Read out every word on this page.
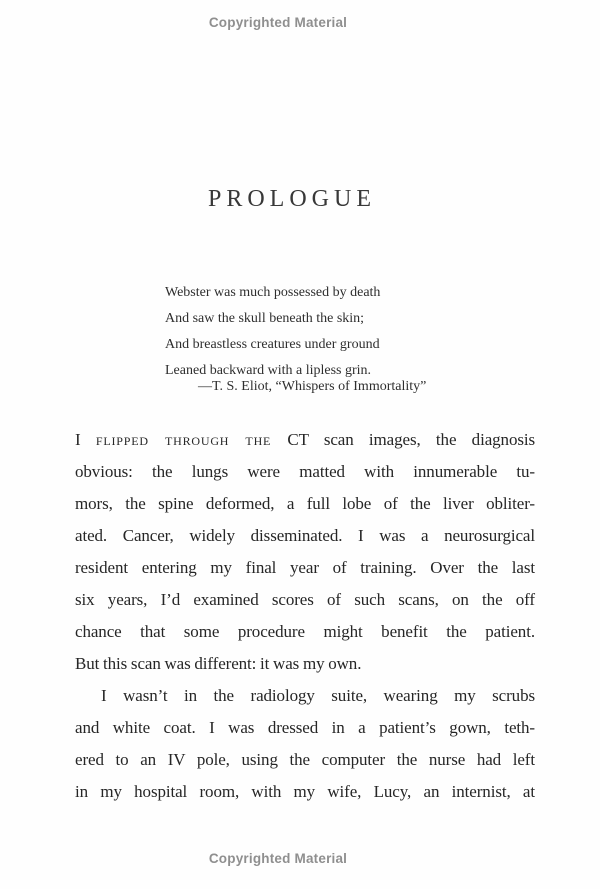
Copyrighted Material
PROLOGUE
Webster was much possessed by death
And saw the skull beneath the skin;
And breastless creatures under ground
Leaned backward with a lipless grin.
—T. S. Eliot, “Whispers of Immortality”
I flipped through the CT scan images, the diagnosis
obvious: the lungs were matted with innumerable tu-
mors, the spine deformed, a full lobe of the liver obliter-
ated. Cancer, widely disseminated. I was a neurosurgical
resident entering my final year of training. Over the last
six years, I’d examined scores of such scans, on the off
chance that some procedure might benefit the patient.
But this scan was different: it was my own.
I wasn’t in the radiology suite, wearing my scrubs
and white coat. I was dressed in a patient’s gown, teth-
ered to an IV pole, using the computer the nurse had left
in my hospital room, with my wife, Lucy, an internist, at
Copyrighted Material
